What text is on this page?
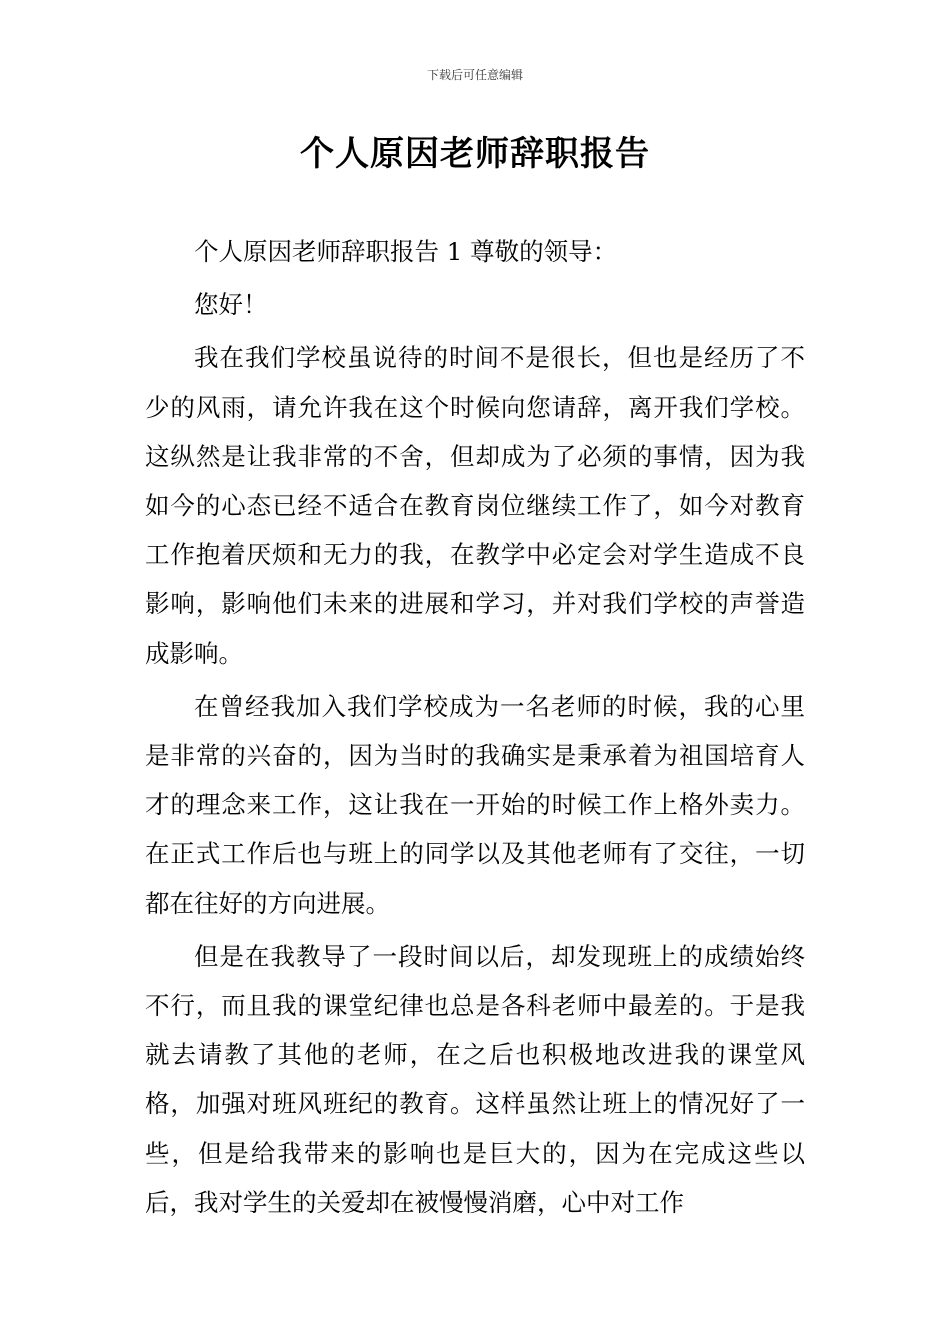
下载后可任意编辑
个人原因老师辞职报告

个人原因老师辞职报告 1 尊敬的领导：

您好！

我在我们学校虽说待的时间不是很长，但也是经历了不少的风雨，请允许我在这个时候向您请辞，离开我们学校。这纵然是让我非常的不舍，但却成为了必须的事情，因为我如今的心态已经不适合在教育岗位继续工作了，如今对教育工作抱着厌烦和无力的我，在教学中必定会对学生造成不良影响，影响他们未来的进展和学习，并对我们学校的声誉造成影响。

在曾经我加入我们学校成为一名老师的时候，我的心里是非常的兴奋的，因为当时的我确实是秉承着为祖国培育人才的理念来工作，这让我在一开始的时候工作上格外卖力。在正式工作后也与班上的同学以及其他老师有了交往，一切都在往好的方向进展。

但是在我教导了一段时间以后，却发现班上的成绩始终不行，而且我的课堂纪律也总是各科老师中最差的。于是我就去请教了其他的老师，在之后也积极地改进我的课堂风格，加强对班风班纪的教育。这样虽然让班上的情况好了一些，但是给我带来的影响也是巨大的，因为在完成这些以后，我对学生的关爱却在被慢慢消磨，心中对工作
